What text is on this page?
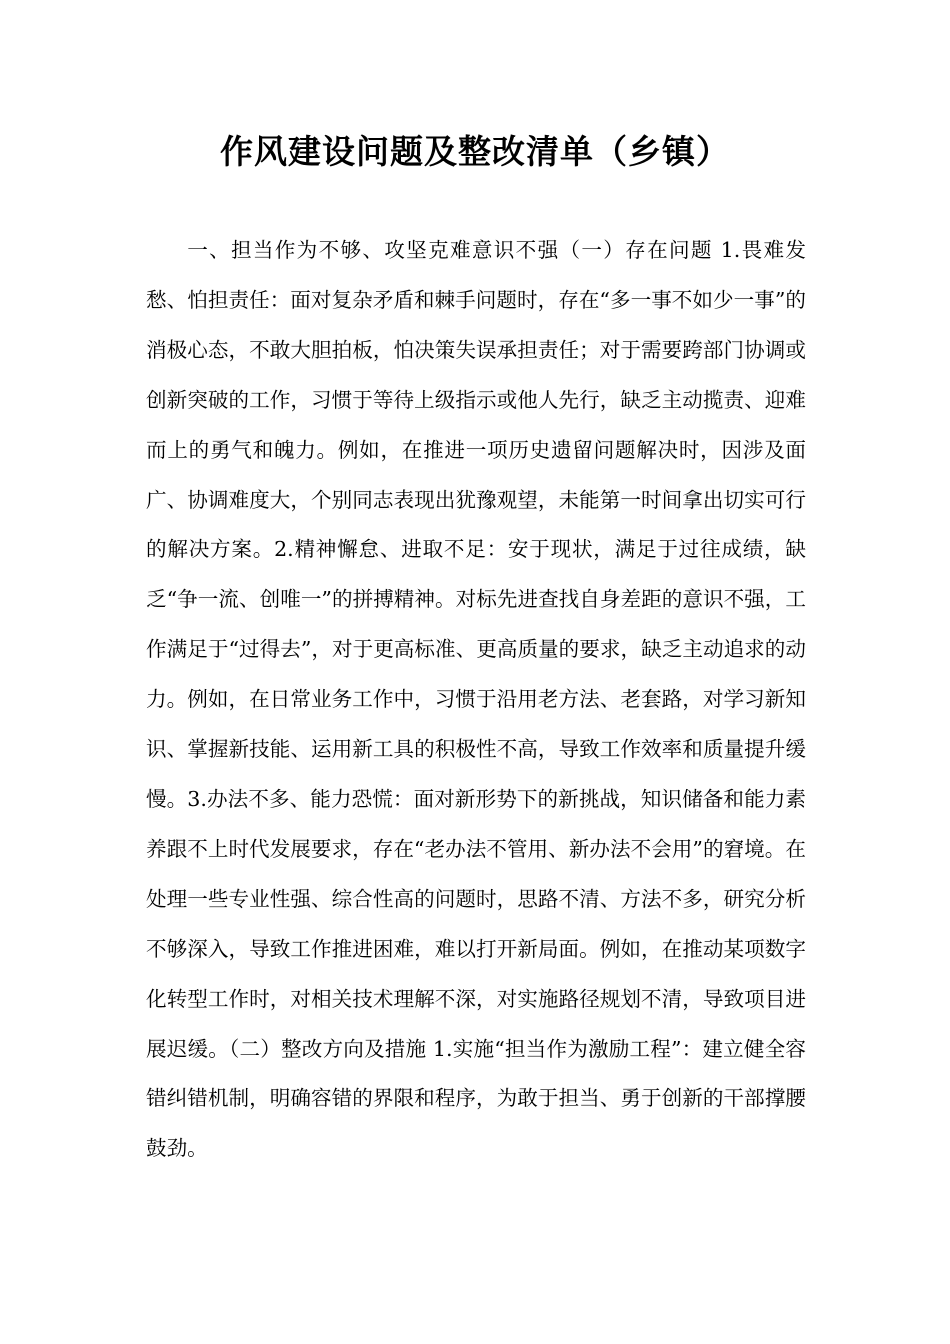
作风建设问题及整改清单（乡镇）

一、担当作为不够、攻坚克难意识不强（一）存在问题 1.畏难发愁、怕担责任：面对复杂矛盾和棘手问题时，存在“多一事不如少一事”的消极心态，不敢大胆拍板，怕决策失误承担责任；对于需要跨部门协调或创新突破的工作，习惯于等待上级指示或他人先行，缺乏主动揽责、迎难而上的勇气和魄力。例如，在推进一项历史遗留问题解决时，因涉及面广、协调难度大，个别同志表现出犹豫观望，未能第一时间拿出切实可行的解决方案。2.精神懈怠、进取不足：安于现状，满足于过往成绩，缺乏“争一流、创唯一”的拼搏精神。对标先进查找自身差距的意识不强，工作满足于“过得去”，对于更高标准、更高质量的要求，缺乏主动追求的动力。例如，在日常业务工作中，习惯于沿用老方法、老套路，对学习新知识、掌握新技能、运用新工具的积极性不高，导致工作效率和质量提升缓慢。3.办法不多、能力恐慌：面对新形势下的新挑战，知识储备和能力素养跟不上时代发展要求，存在“老办法不管用、新办法不会用”的窘境。在处理一些专业性强、综合性高的问题时，思路不清、方法不多，研究分析不够深入，导致工作推进困难，难以打开新局面。例如，在推动某项数字化转型工作时，对相关技术理解不深，对实施路径规划不清，导致项目进展迟缓。（二）整改方向及措施 1.实施“担当作为激励工程”：建立健全容错纠错机制，明确容错的界限和程序，为敢于担当、勇于创新的干部撑腰鼓劲。
